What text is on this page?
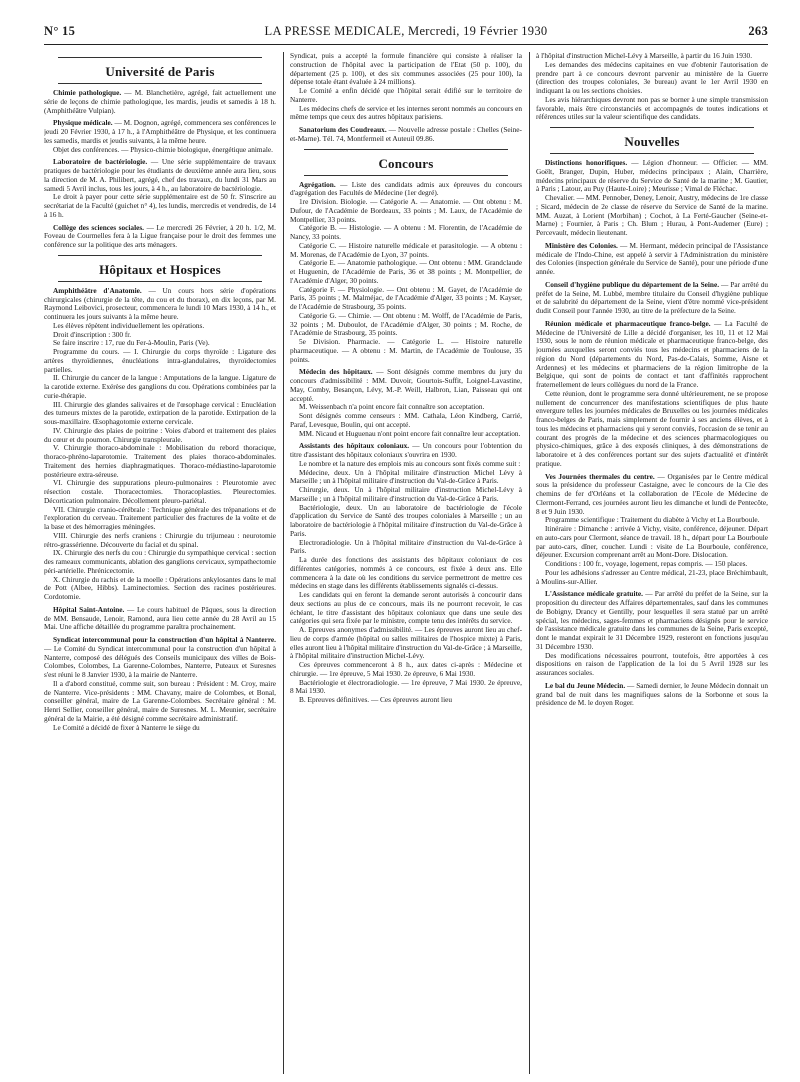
N° 15	LA PRESSE MEDICALE, Mercredi, 19 Février 1930	263
Université de Paris

Chimie pathologique. — M. Blanchetière, agrégé, fait actuellement une série de leçons de chimie pathologique, les mardis, jeudis et samedis à 18 h. (Amphithéâtre Vulpian).

Physique médicale. — M. Dognon, agrégé, commencera ses conférences le jeudi 20 Février 1930, à 17 h., à l'Amphithéâtre de Physique, et les continuera les samedis, mardis et jeudis suivants, à la même heure.

Objet des conférences. — Physico-chimie biologique, énergétique animale.

Laboratoire de bactériologie. — Une série supplémentaire de travaux pratiques de bactériologie pour les étudiants de deuxième année aura lieu, sous la direction de M. A. Philibert, agrégé, chef des travaux, du lundi 31 Mars au samedi 5 Avril inclus, tous les jours, à 4 h., au laboratoire de bactériologie.

Le droit à payer pour cette série supplémentaire est de 50 fr. S'inscrire au secrétariat de la Faculté (guichet n° 4), les lundis, mercredis et vendredis, de 14 à 16 h.

Collège des sciences sociales. — Le mercredi 26 Février, à 20 h. 1/2, M. Foveau de Courmelles fera à la Ligue française pour le droit des femmes une conférence sur la politique des arts ménagers.

Hôpitaux et Hospices

Amphithéâtre d'Anatomie. — Un cours hors série d'opérations chirurgicales (chirurgie de la tête, du cou et du thorax), en dix leçons, par M. Raymond Leibovici, prosecteur, commencera le lundi 10 Mars 1930, à 14 h., et continuera les jours suivants à la même heure.

Les élèves répètent individuellement les opérations.

Droit d'inscription : 300 fr.

Se faire inscrire : 17, rue du Fer-à-Moulin, Paris (Ve).

Programme du cours. — I. Chirurgie du corps thyroïde : Ligature des artères thyroïdiennes, énucléations intra-glandulaires, thyroïdectomies partielles.

II. Chirurgie du cancer de la langue : Amputations de la langue. Ligature de la carotide externe. Exérèse des ganglions du cou. Opérations combinées par la curie-thérapie.

III. Chirurgie des glandes salivaires et de l'œsophage cervical : Enucléation des tumeurs mixtes de la parotide, extirpation de la parotide. Extirpation de la sous-maxillaire. Œsophagotomie externe cervicale.

IV. Chirurgie des plaies de poitrine : Voies d'abord et traitement des plaies du cœur et du poumon. Chirurgie transpleurale.

V. Chirurgie thoraco-abdominale : Mobilisation du rebord thoracique, thoraco-phréno-laparotomie. Traitement des plaies thoraco-abdominales. Traitement des hernies diaphragmatiques. Thoraco-médiastino-laparotomie postérieure extra-séreuse.

VI. Chirurgie des suppurations pleuro-pulmonaires : Pleurotomie avec résection costale. Thoracectomies. Thoracoplasties. Pleurectomies. Décortication pulmonaire. Décollement pleuro-pariétal.

VII. Chirurgie cranio-cérébrale : Technique générale des trépanations et de l'exploration du cerveau. Traitement particulier des fractures de la voûte et de la base et des hémorragies méningées.

VIII. Chirurgie des nerfs craniens : Chirurgie du trijumeau : neurotomie rétro-grassérienne. Découverte du facial et du spinal.

IX. Chirurgie des nerfs du cou : Chirurgie du sympathique cervical : section des rameaux communicants, ablation des ganglions cervicaux, sympathectomie péri-artérielle. Phrénicectomie.

X. Chirurgie du rachis et de la moelle : Opérations ankylosantes dans le mal de Pott (Albee, Hibbs). Laminectomies. Section des racines postérieures. Cordotomie.

Hôpital Saint-Antoine. — Le cours habituel de Pâques, sous la direction de MM. Bensaude, Lenoir, Ramond, aura lieu cette année du 28 Avril au 15 Mai. Une affiche détaillée du programme paraîtra prochainement.

Syndicat intercommunal pour la construction d'un hôpital à Nanterre. — Le Comité du Syndicat intercommunal pour la construction d'un hôpital à Nanterre, composé des délégués des Conseils municipaux des villes de Bois-Colombes, Colombes, La Garenne-Colombes, Nanterre, Puteaux et Suresnes s'est réuni le 8 Janvier 1930, à la mairie de Nanterre.

Il a d'abord constitué, comme suit, son bureau : Président : M. Croy, maire de Nanterre. Vice-présidents : MM. Chavany, maire de Colombes, et Bonal, conseiller général, maire de La Garenne-Colombes. Secrétaire général : M. Henri Sellier, conseiller général, maire de Suresnes. M. L. Meunier, secrétaire général de la Mairie, a été désigné comme secrétaire administratif.

Le Comité a décidé de fixer à Nanterre le siège du

Syndicat, puis a accepté la formule financière qui consiste à réaliser la construction de l'hôpital avec la participation de l'Etat (50 p. 100), du département (25 p. 100), et des six communes associées (25 pour 100), la dépense totale étant évaluée à 24 millions).

Le Comité a enfin décidé que l'hôpital serait édifié sur le territoire de Nanterre.

Les médecins chefs de service et les internes seront nommés au concours en même temps que ceux des autres hôpitaux parisiens.

Sanatorium des Coudreaux. — Nouvelle adresse postale : Chelles (Seine-et-Marne). Tél. 74, Montfermeil et Auteuil 09.86.

Concours

Agrégation. — Liste des candidats admis aux épreuves du concours d'agrégation des Facultés de Médecine (1er degré).

1re Division. Biologie. — Catégorie A. — Anatomie. — Ont obtenu : M. Dufour, de l'Académie de Bordeaux, 33 points ; M. Laux, de l'Académie de Montpellier, 33 points.

Catégorie B. — Histologie. — A obtenu : M. Florentin, de l'Académie de Nancy, 33 points.

Catégorie C. — Histoire naturelle médicale et parasitologie. — A obtenu : M. Morenas, de l'Académie de Lyon, 37 points.

Catégorie E. — Anatomie pathologique. — Ont obtenu : MM. Grandclaude et Huguenin, de l'Académie de Paris, 36 et 38 points ; M. Montpellier, de l'Académie d'Alger, 30 points.

Catégorie F. — Physiologie. — Ont obtenu : M. Gayet, de l'Académie de Paris, 35 points ; M. Malméjac, de l'Académie d'Alger, 33 points ; M. Kayser, de l'Académie de Strasbourg, 35 points.

Catégorie G. — Chimie. — Ont obtenu : M. Wolff, de l'Académie de Paris, 32 points ; M. Duboulot, de l'Académie d'Alger, 30 points ; M. Roche, de l'Académie de Strasbourg, 35 points.

5e Division. Pharmacie. — Catégorie L. — Histoire naturelle pharmaceutique. — A obtenu : M. Martin, de l'Académie de Toulouse, 35 points.

Médecin des hôpitaux. — Sont désignés comme membres du jury du concours d'admissibilité : MM. Duvoir, Gourtois-Suffit, Loignel-Lavastine, May, Comby, Besançon, Lévy, M.-P. Weill, Halbron, Lian, Paisseau qui ont accepté.

M. Weissenbach n'a point encore fait connaître son acceptation.

Sont désignés comme censeurs : MM. Cathala, Léon Kindberg, Carrié, Paraf, Levesque, Boulin, qui ont accepté.

MM. Nicaud et Huguenau n'ont point encore fait connaître leur acceptation.

Assistants des hôpitaux coloniaux. — Un concours pour l'obtention du titre d'assistant des hôpitaux coloniaux s'ouvrira en 1930.

Le nombre et la nature des emplois mis au concours sont fixés comme suit :

Médecine, deux. Un à l'hôpital militaire d'instruction Michel Lévy à Marseille ; un à l'hôpital militaire d'instruction du Val-de-Grâce à Paris.

Chirurgie, deux. Un à l'hôpital militaire d'instruction Michel-Lévy à Marseille ; un à l'hôpital militaire d'instruction du Val-de-Grâce à Paris.

Bactériologie, deux. Un au laboratoire de bactériologie de l'école d'application du Service de Santé des troupes coloniales à Marseille ; un au laboratoire de bactériologie à l'hôpital militaire d'instruction du Val-de-Grâce à Paris.

Electroradiologie. Un à l'hôpital militaire d'instruction du Val-de-Grâce à Paris.

La durée des fonctions des assistants des hôpitaux coloniaux de ces différentes catégories, nommés à ce concours, est fixée à deux ans. Elle commencera à la date où les conditions du service permettront de mettre ces médecins en stage dans les différents établissements signalés ci-dessus.

Les candidats qui en feront la demande seront autorisés à concourir dans deux sections au plus de ce concours, mais ils ne pourront recevoir, le cas échéant, le titre d'assistant des hôpitaux coloniaux que dans une seule des catégories qui sera fixée par le ministre, compte tenu des intérêts du service.

A. Epreuves anonymes d'admissibilité. — Les épreuves auront lieu au chef-lieu de corps d'armée (hôpital ou salles militaires de l'hospice mixte) à Paris, elles auront lieu à l'hôpital militaire d'instruction du Val-de-Grâce ; à Marseille, à l'hôpital militaire d'instruction Michel-Lévy.

Ces épreuves commenceront à 8 h., aux dates ci-après : Médecine et chirurgie. — 1re épreuve, 5 Mai 1930. 2e épreuve, 6 Mai 1930.

Bactériologie et électroradiologie. — 1re épreuve, 7 Mai 1930. 2e épreuve, 8 Mai 1930.

B. Epreuves définitives. — Ces épreuves auront lieu

à l'hôpital d'instruction Michel-Lévy à Marseille, à partir du 16 Juin 1930.

Les demandes des médecins capitaines en vue d'obtenir l'autorisation de prendre part à ce concours devront parvenir au ministère de la Guerre (direction des troupes coloniales, 3e bureau) avant le 1er Avril 1930 en indiquant la ou les sections choisies.

Les avis hiérarchiques devront non pas se borner à une simple transmission favorable, mais être circonstanciés et accompagnés de toutes indications et références utiles sur la valeur scientifique des candidats.

Nouvelles

Distinctions honorifiques. — Légion d'honneur. — Officier. — MM. Goëlt, Branger, Dupin, Huber, médecins principaux ; Alain, Charrière, médecins principaux de réserve du Service de Santé de la marine ; M. Gautier, à Paris ; Latour, au Puy (Haute-Loire) ; Meurisse ; Vimal de Fléchac.

Chevalier. — MM. Pennober, Deney, Lenoir, Austry, médecins de 1re classe ; Sicard, médecin de 2e classe de réserve du Service de Santé de la marine. MM. Auzat, à Lorient (Morbihan) ; Cochot, à La Ferté-Gaucher (Seine-et-Marne) ; Fournier, à Paris ; Ch. Blum ; Hurau, à Pont-Audemer (Eure) ; Percevault, médecin lieutenant.

Ministère des Colonies. — M. Hermant, médecin principal de l'Assistance médicale de l'Indo-Chine, est appelé à servir à l'Administration du ministère des Colonies (inspection générale du Service de Santé), pour une période d'une année.

Conseil d'hygiène publique du département de la Seine. — Par arrêté du préfet de la Seine, M. Lubbé, membre titulaire du Conseil d'hygiène publique et de salubrité du département de la Seine, vient d'être nommé vice-président dudit Conseil pour l'année 1930, au titre de la préfecture de la Seine.

Réunion médicale et pharmaceutique franco-belge. — La Faculté de Médecine de l'Université de Lille a décidé d'organiser, les 10, 11 et 12 Mai 1930, sous le nom de réunion médicale et pharmaceutique franco-belge, des journées auxquelles seront conviés tous les médecins et pharmaciens de la région du Nord (départements du Nord, Pas-de-Calais, Somme, Aisne et Ardennes) et les médecins et pharmaciens de la région limitrophe de la Belgique, qui sont de points de contact et tant d'affinités rapprochent fraternellement de leurs collègues du nord de la France.

Cette réunion, dont le programme sera donné ultérieurement, ne se propose nullement de concurrencer des manifestations scientifiques de plus haute envergure telles les journées médicales de Bruxelles ou les journées médicales franco-belges de Paris, mais simplement de fournir à ses anciens élèves, et à tous les médecins et pharmaciens qui y seront conviés, l'occasion de se tenir au courant des progrès de la médecine et des sciences pharmacologiques ou physico-chimiques, grâce à des exposés cliniques, à des démonstrations de laboratoire et à des conférences portant sur des sujets d'actualité et d'intérêt pratique.

Ves Journées thermales du centre. — Organisées par le Centre médical sous la présidence du professeur Castaigne, avec le concours de la Cie des chemins de fer d'Orléans et la collaboration de l'Ecole de Médecine de Clermont-Ferrand, ces journées auront lieu les dimanche et lundi de Pentecôte, 8 et 9 Juin 1930.

Programme scientifique : Traitement du diabète à Vichy et La Bourboule.

Itinéraire : Dimanche : arrivée à Vichy, visite, conférence, déjeuner. Départ en auto-cars pour Clermont, séance de travail. 18 h., départ pour La Bourboule par auto-cars, dîner, coucher. Lundi : visite de La Bourboule, conférence, déjeuner. Excursion comprenant arrêt au Mont-Dore. Dislocation.

Conditions : 100 fr., voyage, logement, repas compris. — 150 places.

Pour les adhésions s'adresser au Centre médical, 21-23, place Bréchimbault, à Moulins-sur-Allier.

L'Assistance médicale gratuite. — Par arrêté du préfet de la Seine, sur la proposition du directeur des Affaires départementales, sauf dans les communes de Bobigny, Drancy et Gentilly, pour lesquelles il sera statué par un arrêté spécial, les médecins, sages-femmes et pharmaciens désignés pour le service de l'assistance médicale gratuite dans les communes de la Seine, Paris excepté, dont le mandat expirait le 31 Décembre 1929, resteront en fonctions jusqu'au 31 Décembre 1930.

Des modifications nécessaires pourront, toutefois, être apportées à ces dispositions en raison de l'application de la loi du 5 Avril 1928 sur les assurances sociales.

Le bal du Jeune Médecin. — Samedi dernier, le Jeune Médecin donnait un grand bal de nuit dans les magnifiques salons de la Sorbonne et sous la présidence de M. le doyen Roger.
